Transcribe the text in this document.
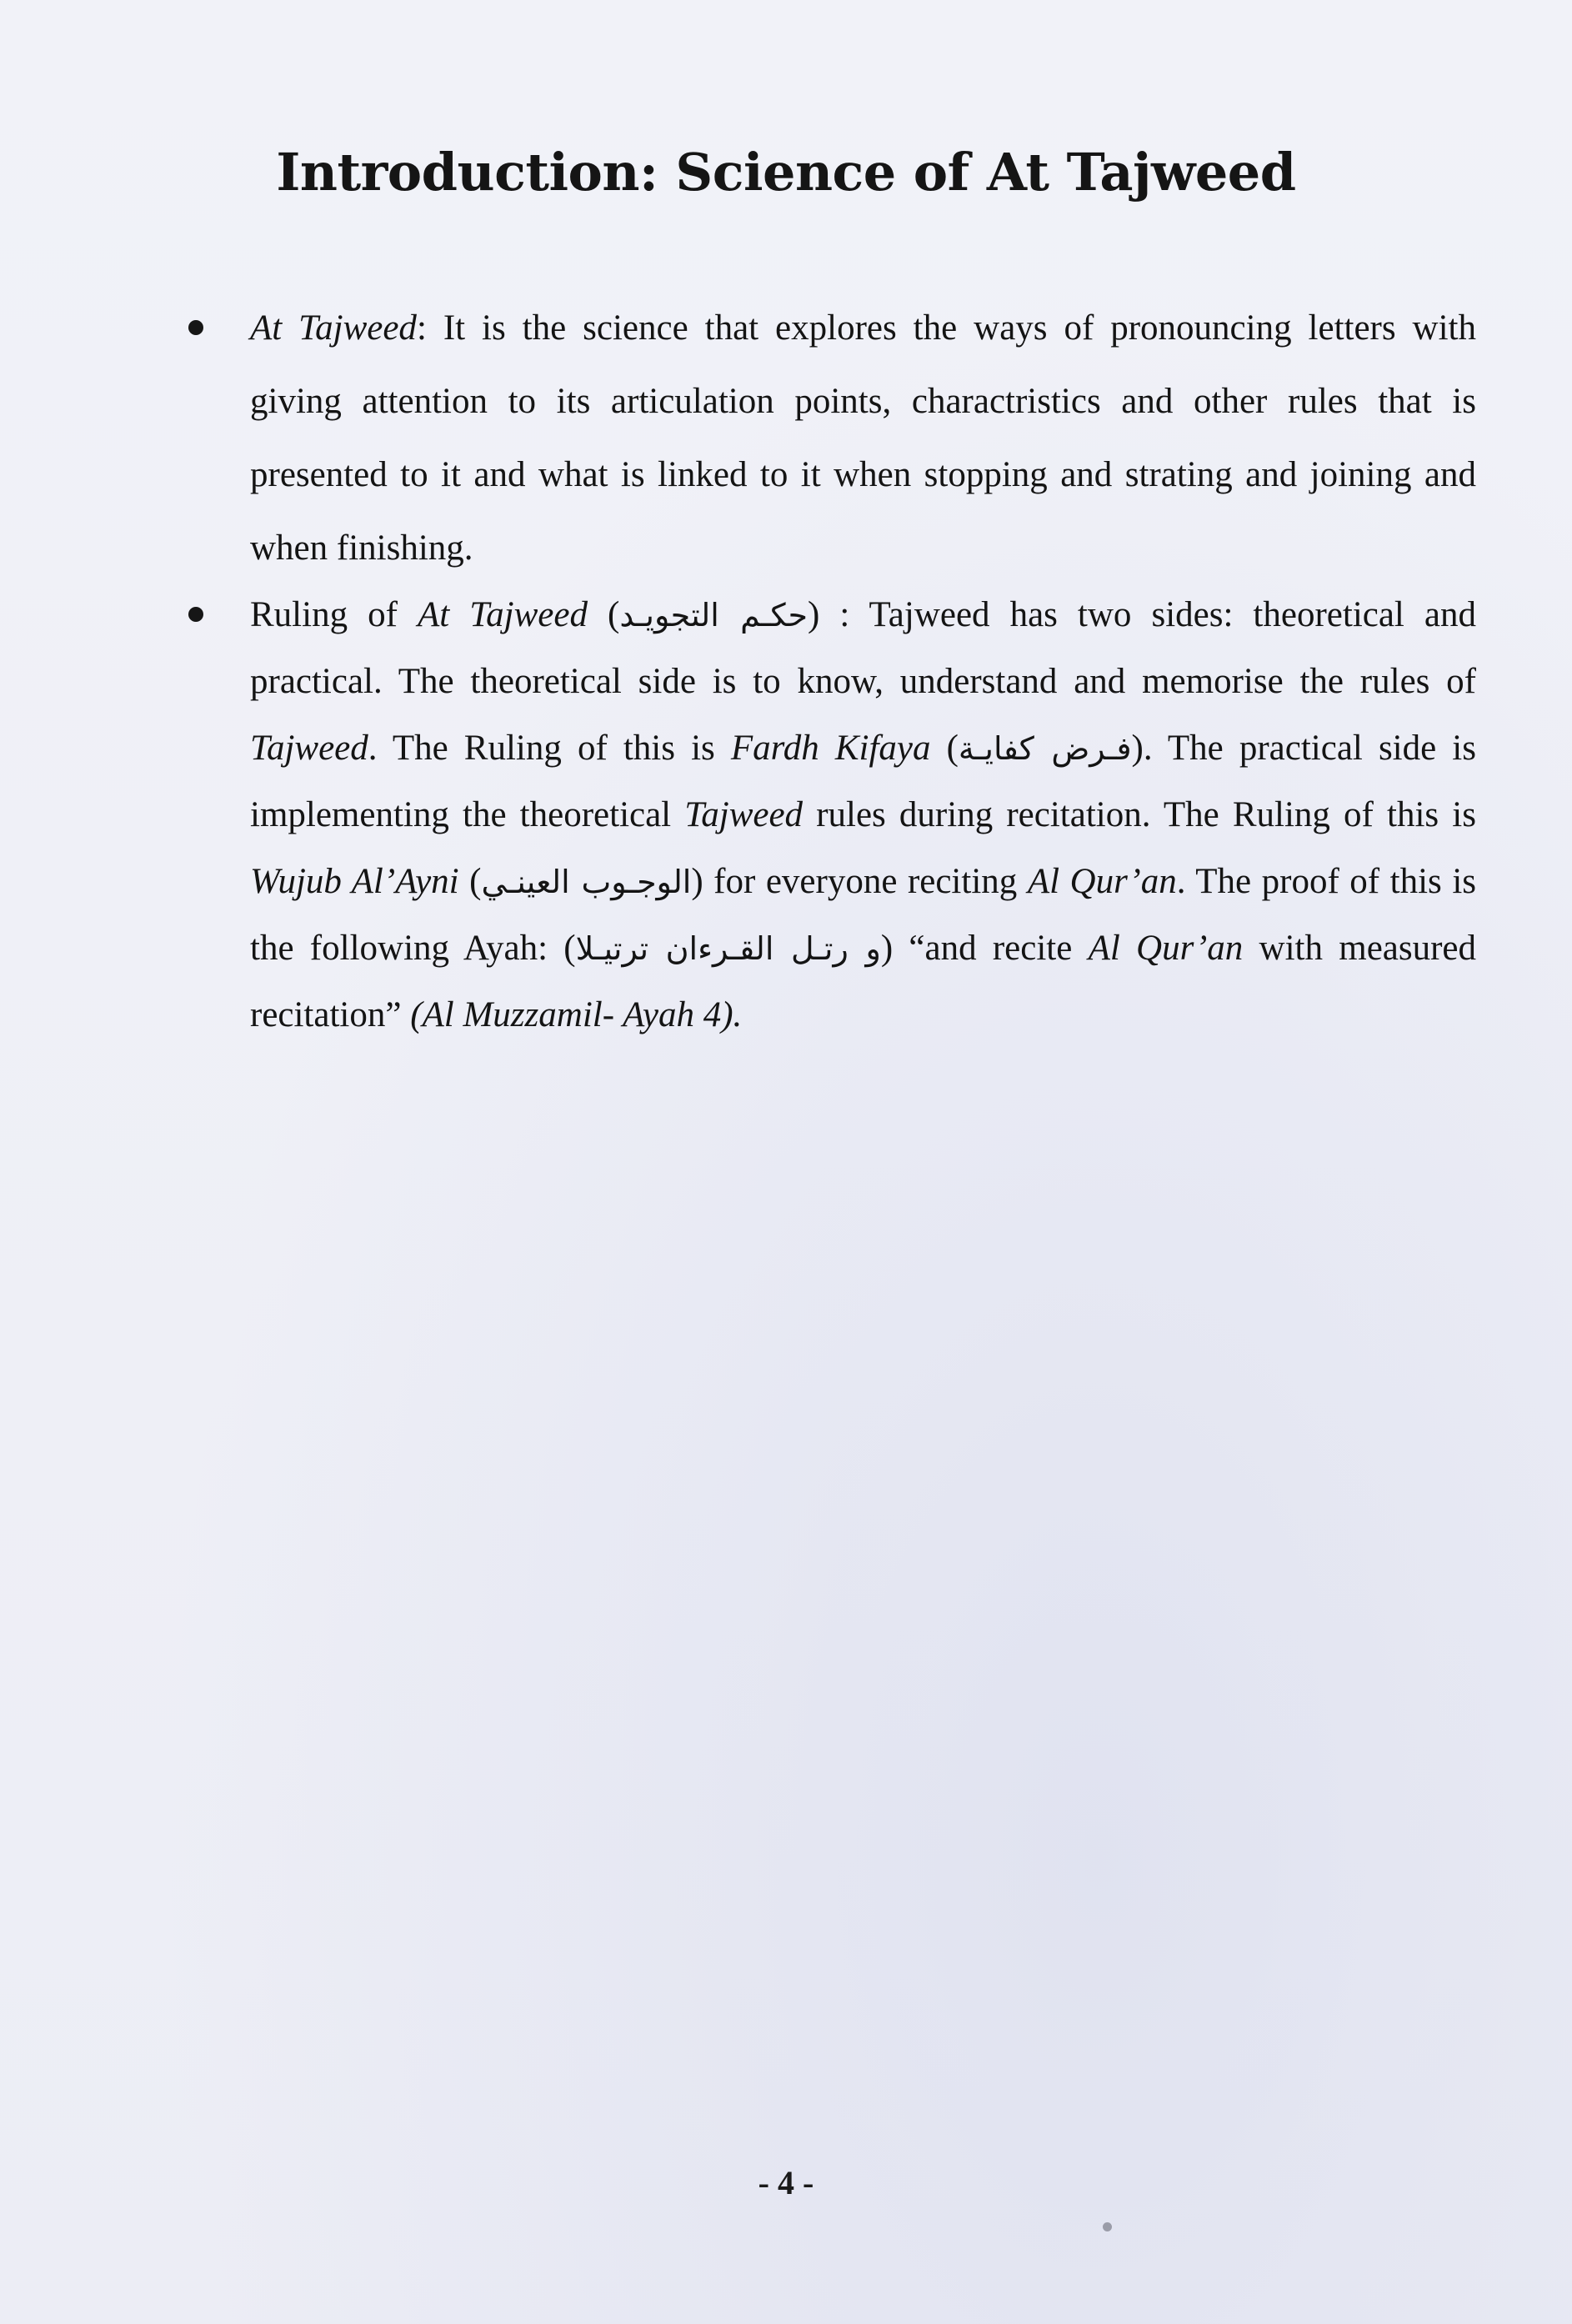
Introduction: Science of At Tajweed
At Tajweed: It is the science that explores the ways of pronouncing letters with giving attention to its articulation points, charactristics and other rules that is presented to it and what is linked to it when stopping and strating and joining and when finishing.
Ruling of At Tajweed (حكـم التجويـد) : Tajweed has two sides: theoretical and practical. The theoretical side is to know, understand and memorise the rules of Tajweed. The Ruling of this is Fardh Kifaya (فـرض كفايـة). The practical side is implementing the theoretical Tajweed rules during recitation. The Ruling of this is Wujub Al’Ayni (الوجـوب العينـي) for everyone reciting Al Qur’an. The proof of this is the following Ayah: (و رتـل القـرءان ترتيـلا) “and recite Al Qur’an with measured recitation” (Al Muzzamil- Ayah 4).
- 4 -
